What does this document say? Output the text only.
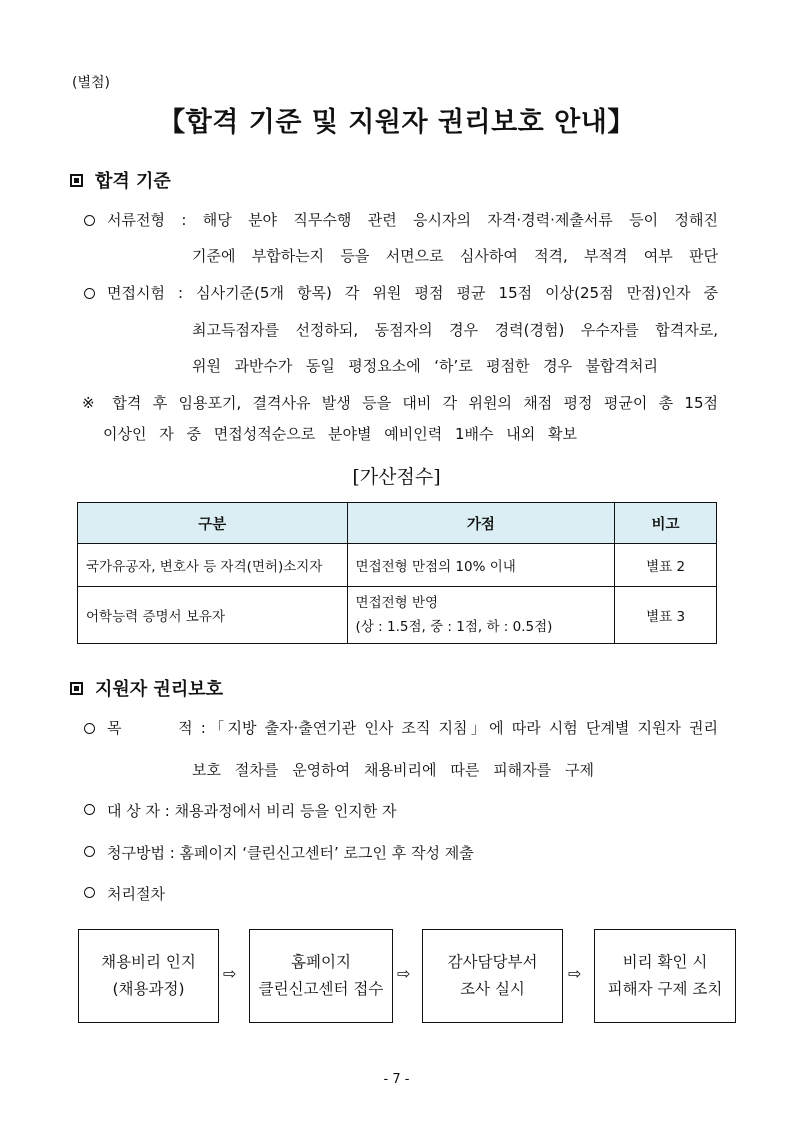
(별첨)
【합격 기준 및 지원자 권리보호 안내】
합격 기준
서류전형 : 해당 분야 직무수행 관련 응시자의 자격·경력·제출서류 등이 정해진
기준에 부합하는지 등을 서면으로 심사하여 적격, 부적격 여부 판단
면접시험 : 심사기준(5개 항목) 각 위원 평점 평균 15점 이상(25점 만점)인자 중
최고득점자를 선정하되, 동점자의 경우 경력(경험) 우수자를 합격자로,
위원 과반수가 동일 평정요소에 ‘하’로 평점한 경우 불합격처리
※ 합격 후 임용포기, 결격사유 발생 등을 대비 각 위원의 채점 평정 평균이 총 15점
이상인 자 중 면접성적순으로 분야별 예비인력 1배수 내외 확보
[가산점수]
구분	가점	비고
국가유공자, 변호사 등 자격(면허)소지자	면접전형 만점의 10% 이내	별표 2
어학능력 증명서 보유자	면접전형 반영
(상 : 1.5점, 중 : 1점, 하 : 0.5점)	별표 3
지원자 권리보호
목       적 :「지방 출자·출연기관 인사 조직 지침」에 따라 시험 단계별 지원자 권리
보호 절차를 운영하여 채용비리에 따른 피해자를 구제
대 상 자 : 채용과정에서 비리 등을 인지한 자
청구방법 : 홈페이지 ‘클린신고센터’ 로그인 후 작성 제출
처리절차
채용비리 인지
(채용과정)
⇨
홈페이지
클린신고센터 접수
⇨
감사담당부서
조사 실시
⇨
비리 확인 시
피해자 구제 조치
- 7 -
